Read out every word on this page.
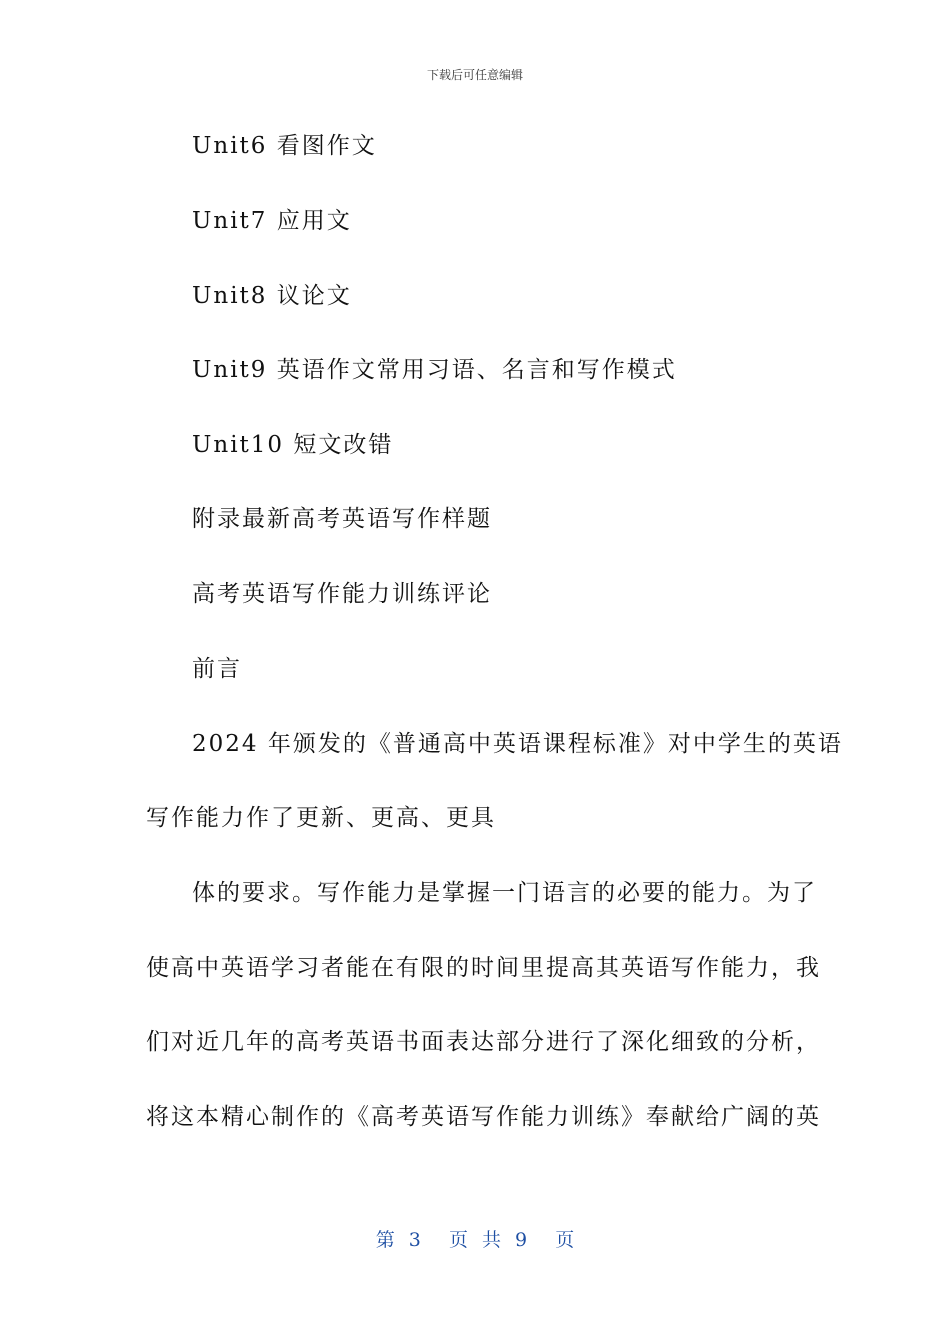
下载后可任意编辑
Unit6 看图作文
Unit7 应用文
Unit8 议论文
Unit9 英语作文常用习语、名言和写作模式
Unit10 短文改错
附录最新高考英语写作样题
高考英语写作能力训练评论
前言
2024 年颁发的《普通高中英语课程标准》对中学生的英语
写作能力作了更新、更高、更具
体的要求。写作能力是掌握一门语言的必要的能力。为了
使高中英语学习者能在有限的时间里提高其英语写作能力，我
们对近几年的高考英语书面表达部分进行了深化细致的分析，
将这本精心制作的《高考英语写作能力训练》奉献给广阔的英
第 3  页 共 9  页
